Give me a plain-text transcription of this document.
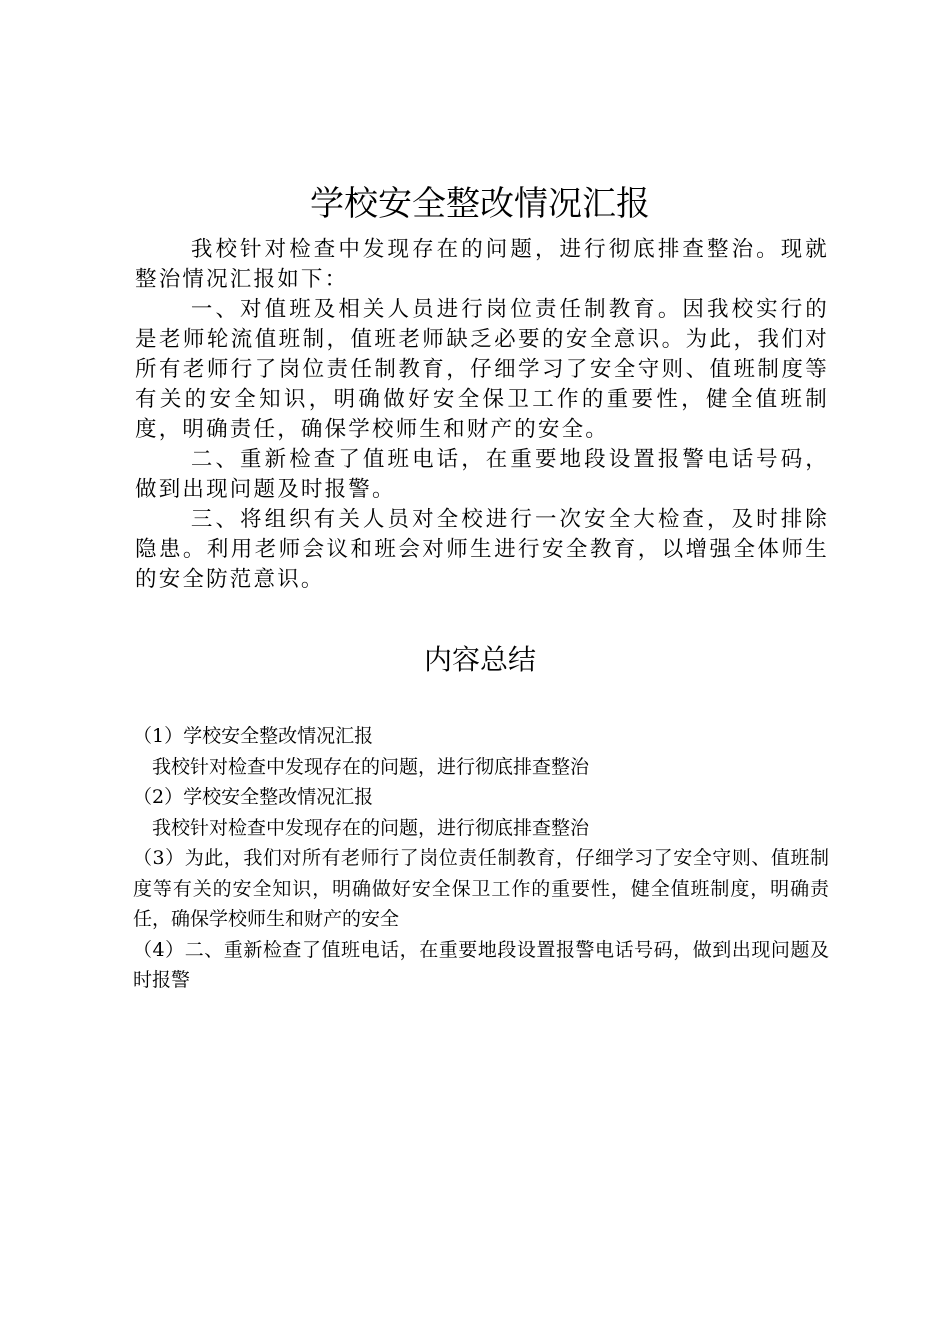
学校安全整改情况汇报

我校针对检查中发现存在的问题，进行彻底排查整治。现就整治情况汇报如下：

一、对值班及相关人员进行岗位责任制教育。因我校实行的是老师轮流值班制，值班老师缺乏必要的安全意识。为此，我们对所有老师行了岗位责任制教育，仔细学习了安全守则、值班制度等有关的安全知识，明确做好安全保卫工作的重要性，健全值班制度，明确责任，确保学校师生和财产的安全。

二、重新检查了值班电话，在重要地段设置报警电话号码，做到出现问题及时报警。

三、将组织有关人员对全校进行一次安全大检查，及时排除隐患。利用老师会议和班会对师生进行安全教育，以增强全体师生的安全防范意识。

内容总结

（1）学校安全整改情况汇报

我校针对检查中发现存在的问题，进行彻底排查整治

（2）学校安全整改情况汇报

我校针对检查中发现存在的问题，进行彻底排查整治

（3）为此，我们对所有老师行了岗位责任制教育，仔细学习了安全守则、值班制度等有关的安全知识，明确做好安全保卫工作的重要性，健全值班制度，明确责任，确保学校师生和财产的安全

（4）二、重新检查了值班电话，在重要地段设置报警电话号码，做到出现问题及时报警
